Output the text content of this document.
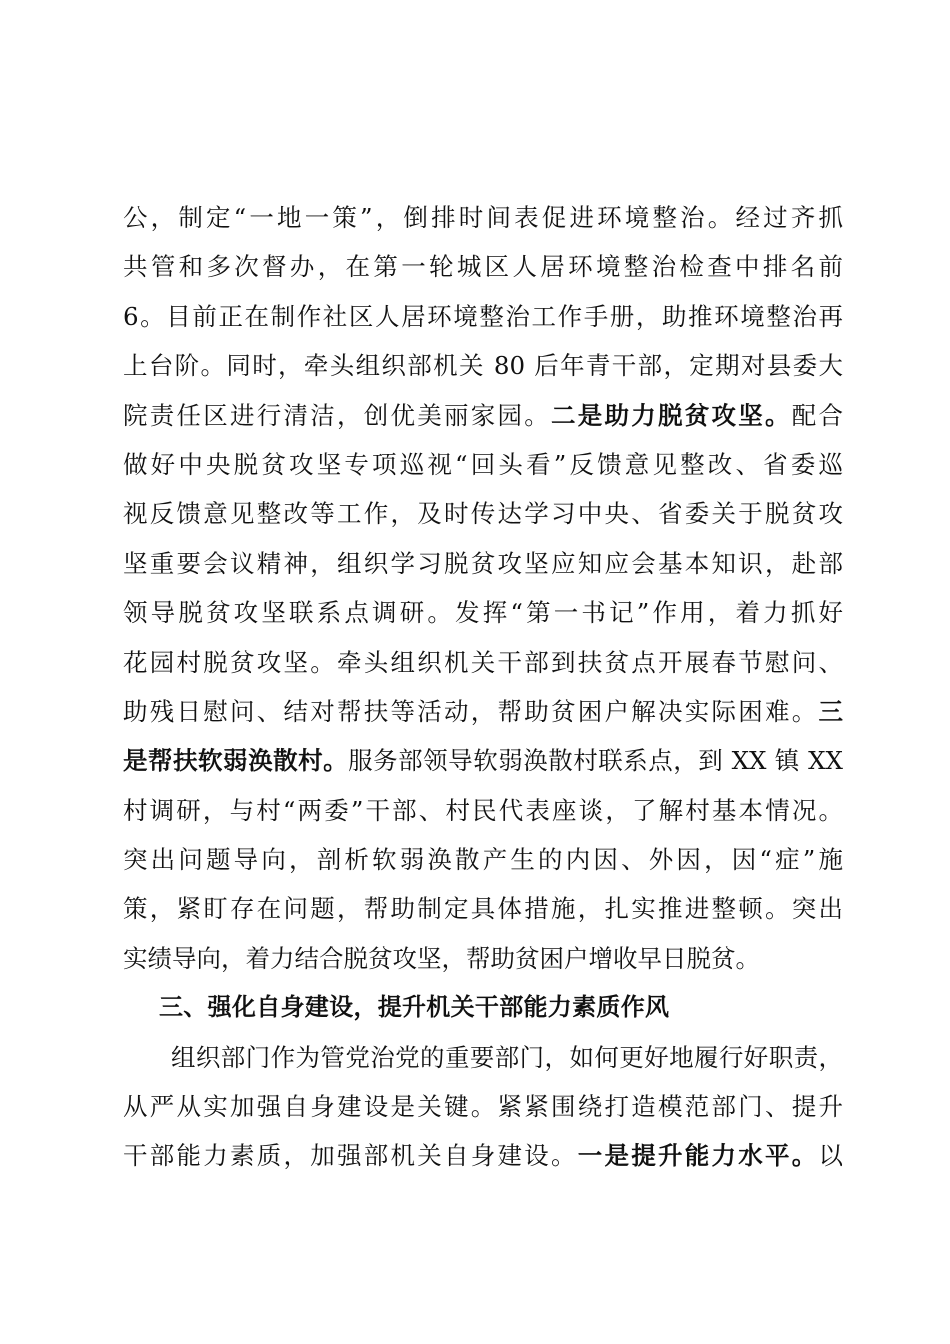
公，制定“一地一策”，倒排时间表促进环境整治。经过齐抓
共管和多次督办，在第一轮城区人居环境整治检查中排名前
6。目前正在制作社区人居环境整治工作手册，助推环境整治再
上台阶。同时，牵头组织部机关 80 后年青干部，定期对县委大
院责任区进行清洁，创优美丽家园。二是助力脱贫攻坚。配合
做好中央脱贫攻坚专项巡视“回头看”反馈意见整改、省委巡
视反馈意见整改等工作，及时传达学习中央、省委关于脱贫攻
坚重要会议精神，组织学习脱贫攻坚应知应会基本知识，赴部
领导脱贫攻坚联系点调研。发挥“第一书记”作用，着力抓好
花园村脱贫攻坚。牵头组织机关干部到扶贫点开展春节慰问、
助残日慰问、结对帮扶等活动，帮助贫困户解决实际困难。三
是帮扶软弱涣散村。服务部领导软弱涣散村联系点，到 XX 镇 XX
村调研，与村“两委”干部、村民代表座谈，了解村基本情况。
突出问题导向，剖析软弱涣散产生的内因、外因，因“症”施
策，紧盯存在问题，帮助制定具体措施，扎实推进整顿。突出
实绩导向，着力结合脱贫攻坚，帮助贫困户增收早日脱贫。
三、强化自身建设，提升机关干部能力素质作风
组织部门作为管党治党的重要部门，如何更好地履行好职责，
从严从实加强自身建设是关键。紧紧围绕打造模范部门、提升
干部能力素质，加强部机关自身建设。一是提升能力水平。以
